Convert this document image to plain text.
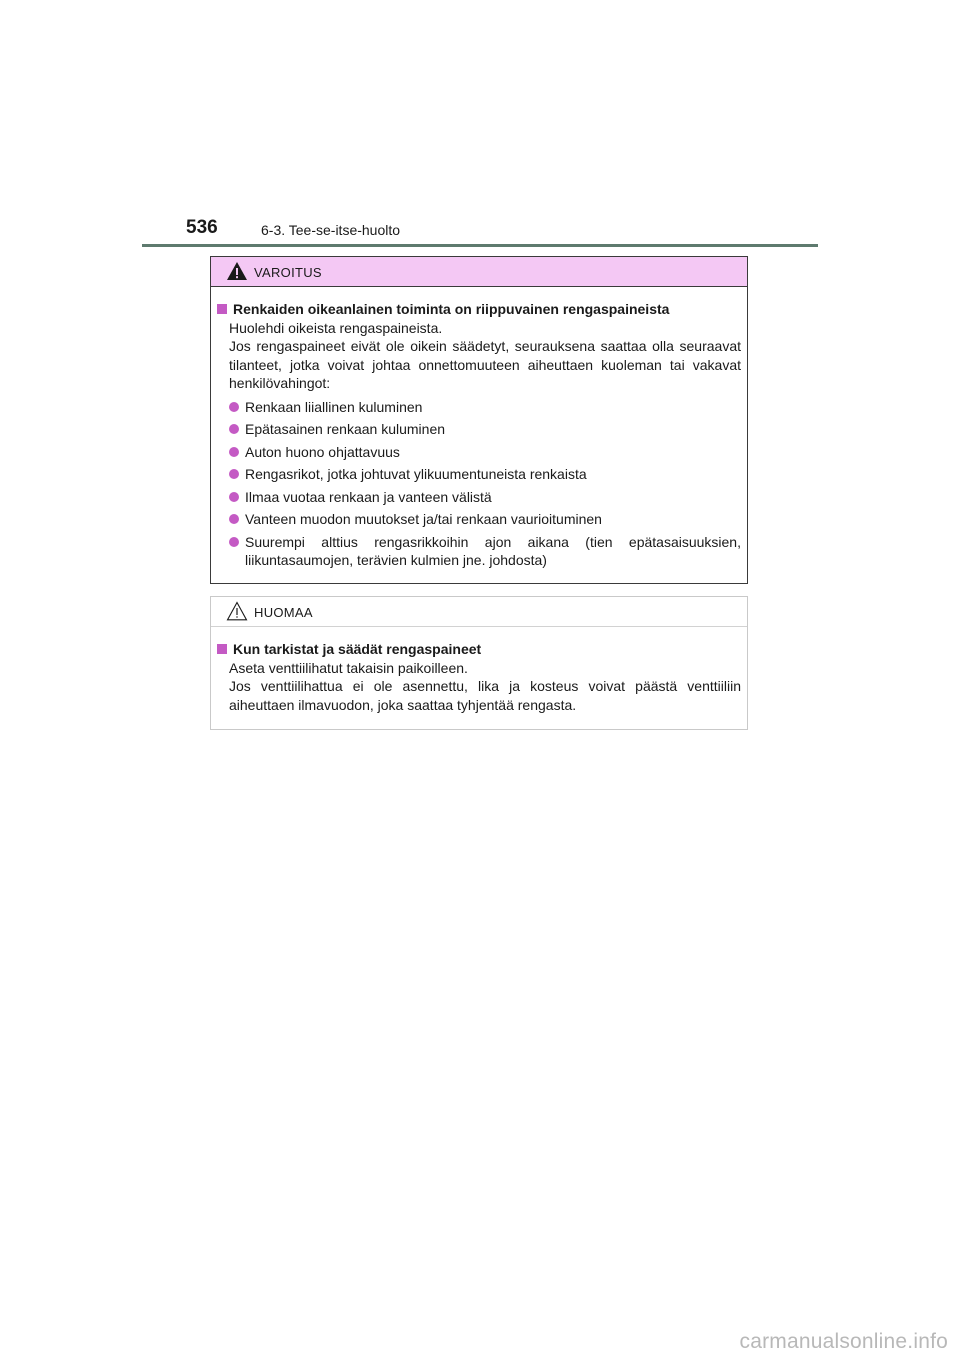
536	6-3. Tee-se-itse-huolto
VAROITUS
Renkaiden oikeanlainen toiminta on riippuvainen rengaspaineista
Huolehdi oikeista rengaspaineista.
Jos rengaspaineet eivät ole oikein säädetyt, seurauksena saattaa olla seuraavat tilanteet, jotka voivat johtaa onnettomuuteen aiheuttaen kuoleman tai vakavat henkilövahingot:
Renkaan liiallinen kuluminen
Epätasainen renkaan kuluminen
Auton huono ohjattavuus
Rengasrikot, jotka johtuvat ylikuumentuneista renkaista
Ilmaa vuotaa renkaan ja vanteen välistä
Vanteen muodon muutokset ja/tai renkaan vaurioituminen
Suurempi alttius rengasrikkoihin ajon aikana (tien epätasaisuuksien, liikuntasaumojen, terävien kulmien jne. johdosta)
HUOMAA
Kun tarkistat ja säädät rengaspaineet
Aseta venttiilihatut takaisin paikoilleen.
Jos venttiilihattua ei ole asennettu, lika ja kosteus voivat päästä venttiiliin aiheuttaen ilmavuodon, joka saattaa tyhjentää rengasta.
carmanualsonline.info
